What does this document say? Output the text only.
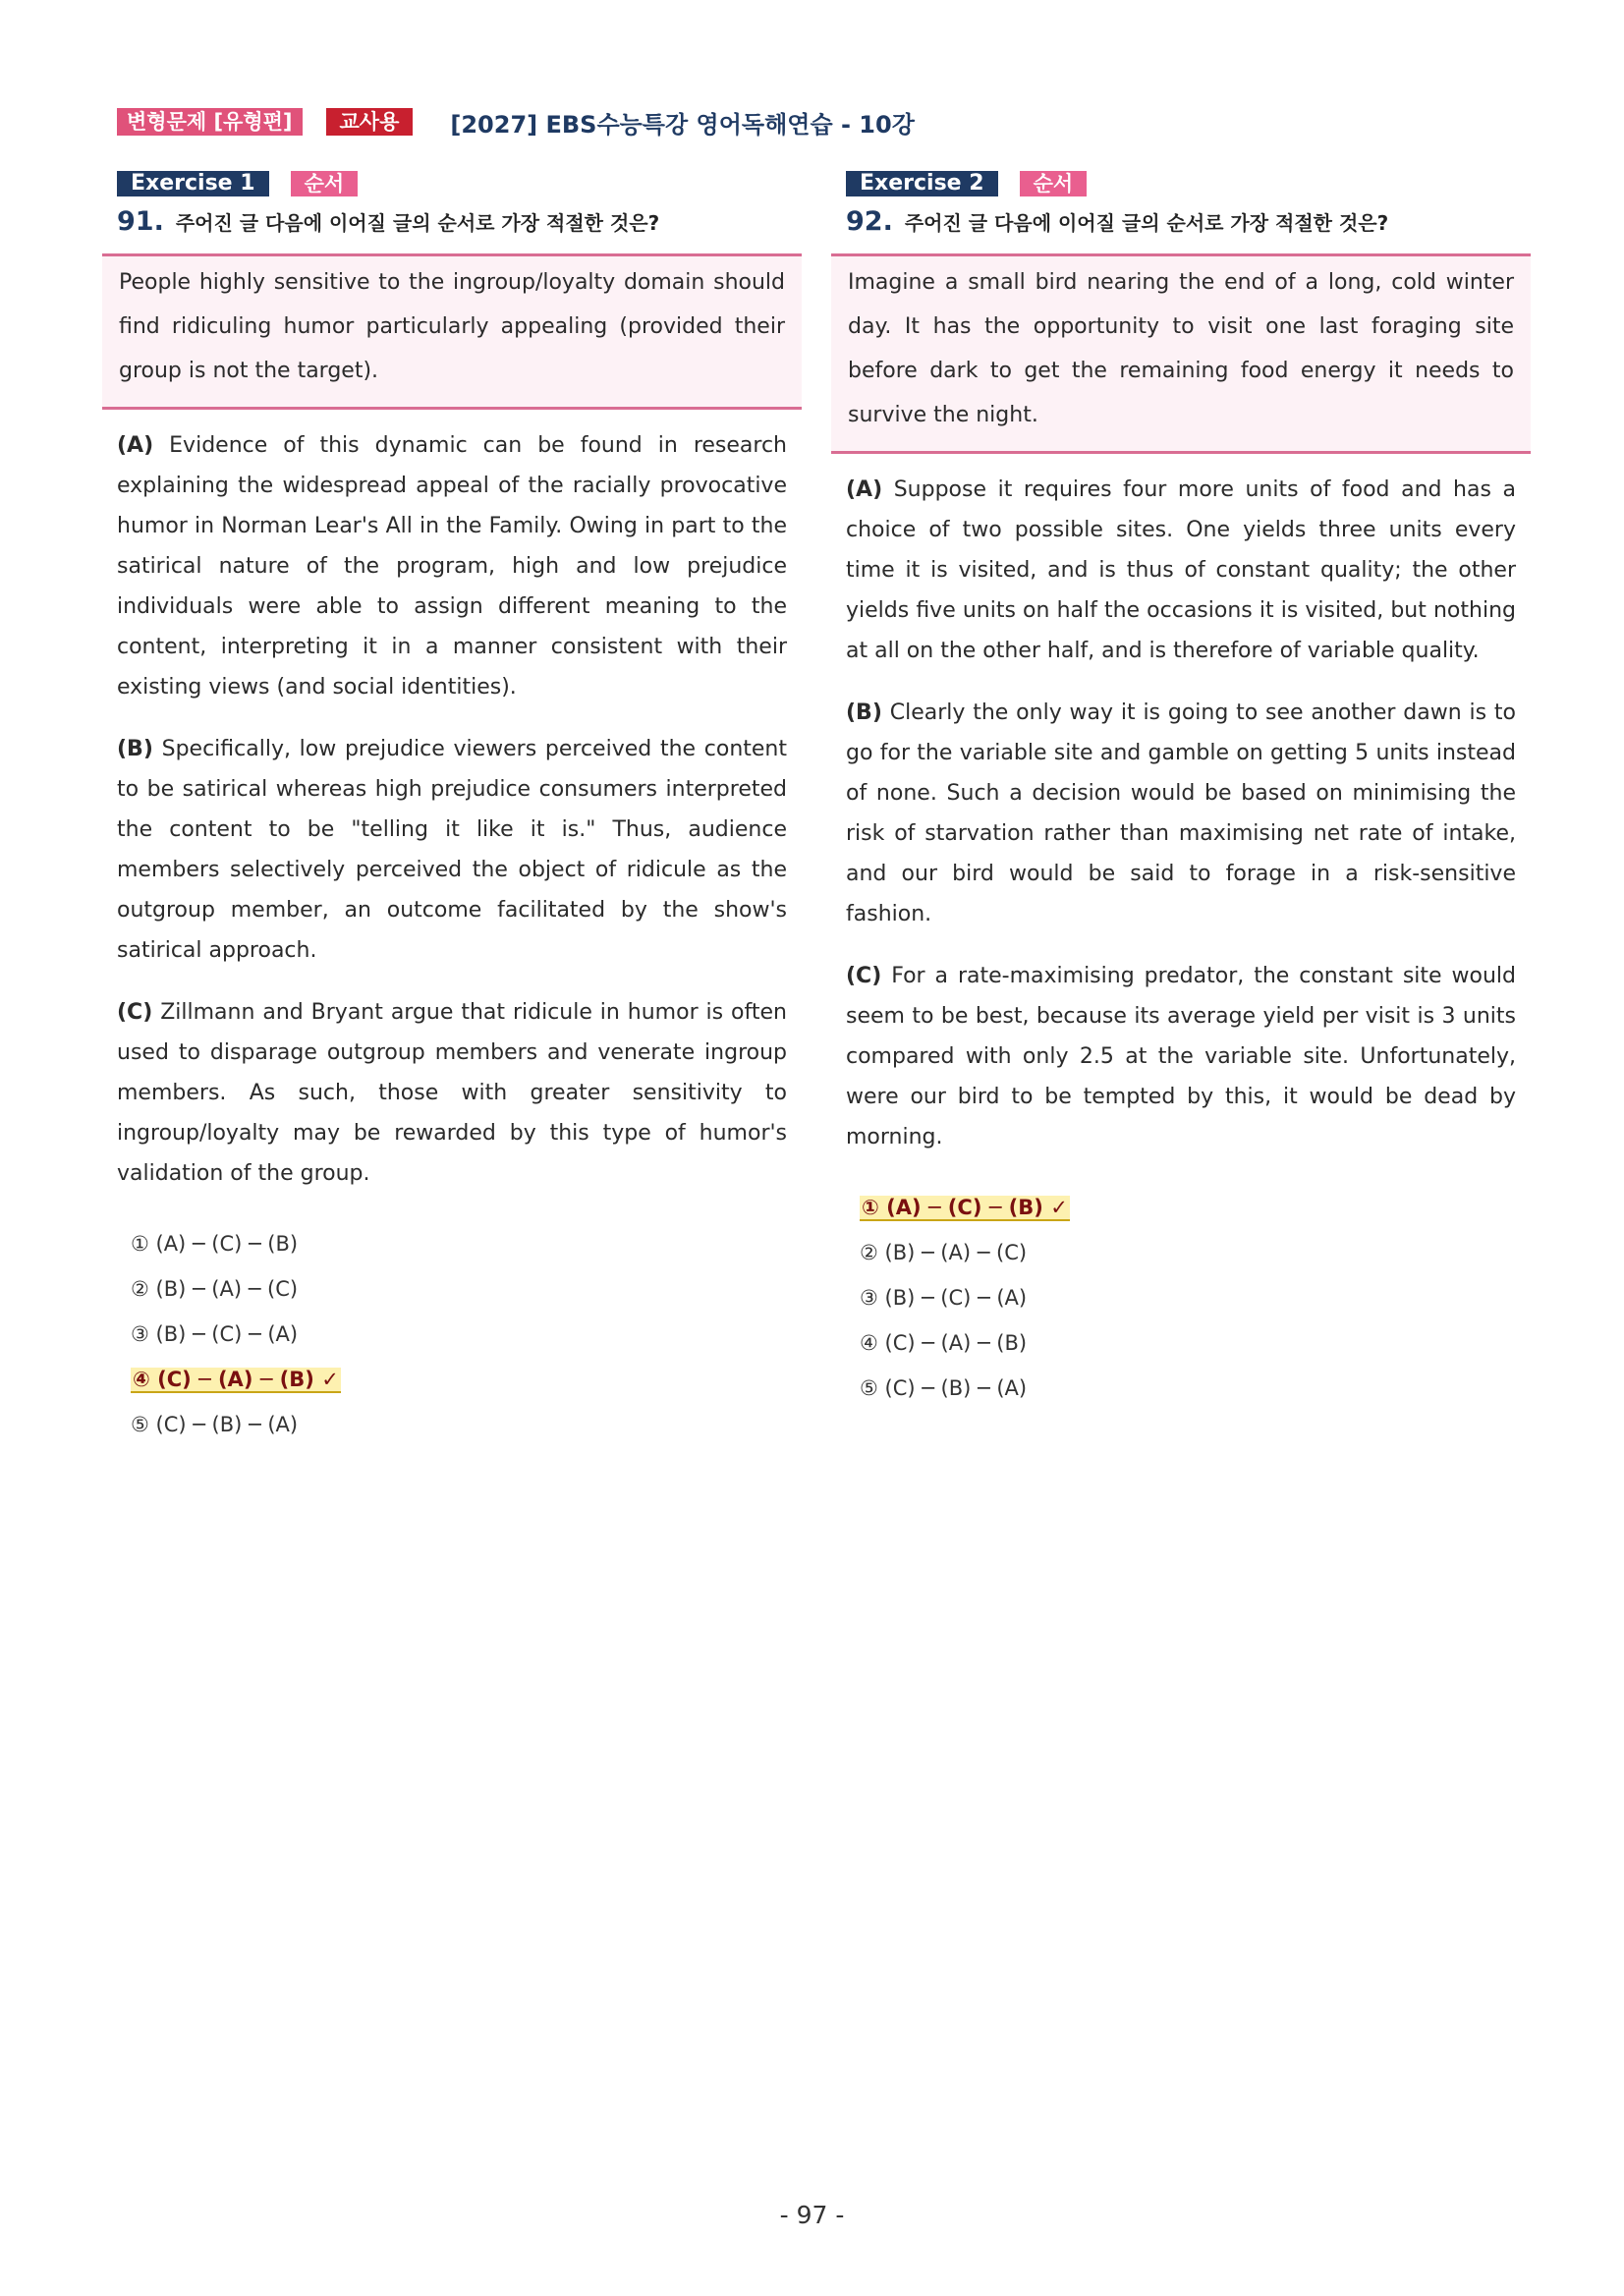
변형문제 [유형편]	교사용	[2027] EBS수능특강 영어독해연습 - 10강
Exercise 1	순서
91. 주어진 글 다음에 이어질 글의 순서로 가장 적절한 것은?
People highly sensitive to the ingroup/loyalty domain should find ridiculing humor particularly appealing (provided their group is not the target).
(A) Evidence of this dynamic can be found in research explaining the widespread appeal of the racially provocative humor in Norman Lear's All in the Family. Owing in part to the satirical nature of the program, high and low prejudice individuals were able to assign different meaning to the content, interpreting it in a manner consistent with their existing views (and social identities).
(B) Specifically, low prejudice viewers perceived the content to be satirical whereas high prejudice consumers interpreted the content to be "telling it like it is." Thus, audience members selectively perceived the object of ridicule as the outgroup member, an outcome facilitated by the show's satirical approach.
(C) Zillmann and Bryant argue that ridicule in humor is often used to disparage outgroup members and venerate ingroup members. As such, those with greater sensitivity to ingroup/loyalty may be rewarded by this type of humor's validation of the group.
① (A) ─ (C) ─ (B)
② (B) ─ (A) ─ (C)
③ (B) ─ (C) ─ (A)
④ (C) ─ (A) ─ (B) ✓
⑤ (C) ─ (B) ─ (A)
Exercise 2	순서
92. 주어진 글 다음에 이어질 글의 순서로 가장 적절한 것은?
Imagine a small bird nearing the end of a long, cold winter day. It has the opportunity to visit one last foraging site before dark to get the remaining food energy it needs to survive the night.
(A) Suppose it requires four more units of food and has a choice of two possible sites. One yields three units every time it is visited, and is thus of constant quality; the other yields five units on half the occasions it is visited, but nothing at all on the other half, and is therefore of variable quality.
(B) Clearly the only way it is going to see another dawn is to go for the variable site and gamble on getting 5 units instead of none. Such a decision would be based on minimising the risk of starvation rather than maximising net rate of intake, and our bird would be said to forage in a risk-sensitive fashion.
(C) For a rate-maximising predator, the constant site would seem to be best, because its average yield per visit is 3 units compared with only 2.5 at the variable site. Unfortunately, were our bird to be tempted by this, it would be dead by morning.
① (A) ─ (C) ─ (B) ✓
② (B) ─ (A) ─ (C)
③ (B) ─ (C) ─ (A)
④ (C) ─ (A) ─ (B)
⑤ (C) ─ (B) ─ (A)
- 97 -
